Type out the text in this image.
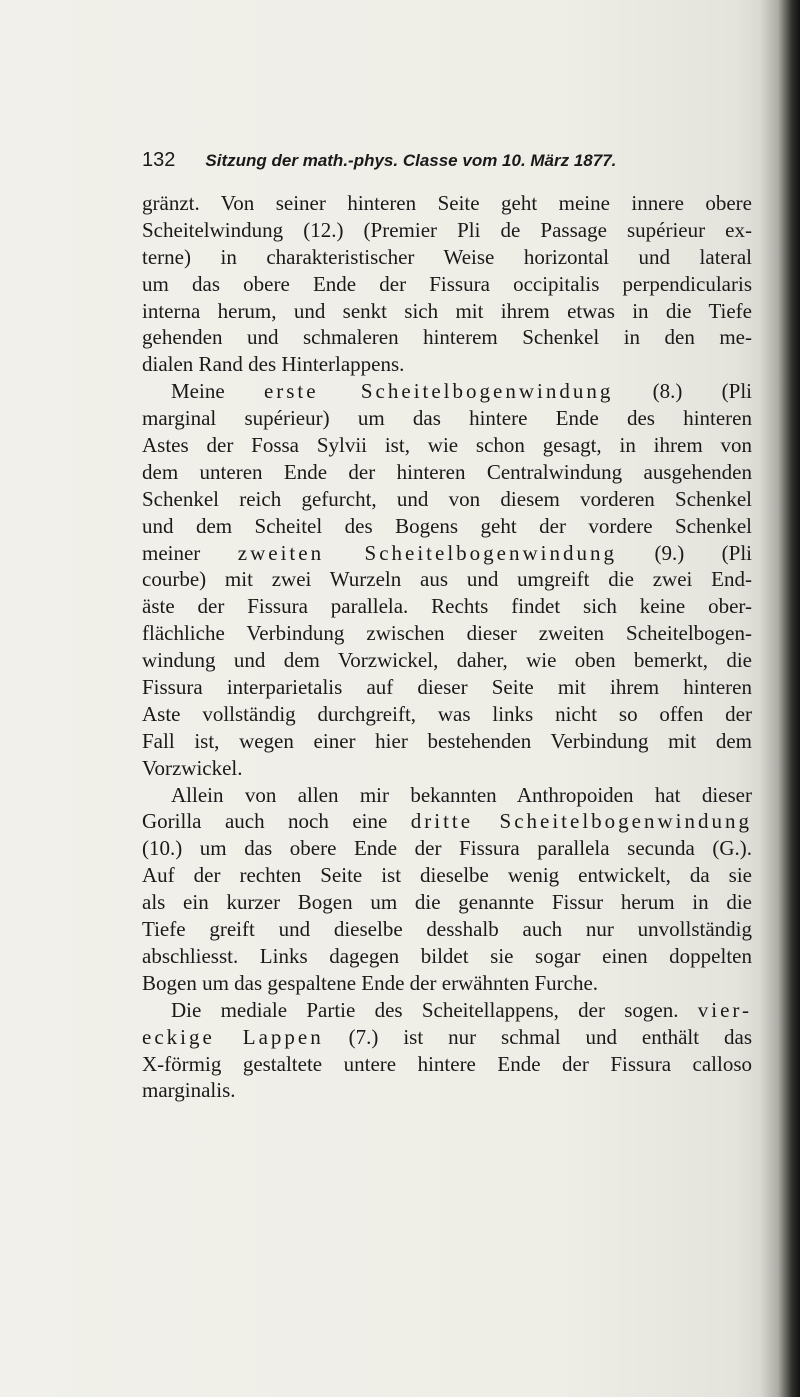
132 Sitzung der math.-phys. Classe vom 10. März 1877.
gränzt. Von seiner hinteren Seite geht meine innere obere
Scheitelwindung (12.) (Premier Pli de Passage supérieur ex-
terne) in charakteristischer Weise horizontal und lateral
um das obere Ende der Fissura occipitalis perpendicularis
interna herum, und senkt sich mit ihrem etwas in die Tiefe
gehenden und schmaleren hinterem Schenkel in den me-
dialen Rand des Hinterlappens.
Meine erste Scheitelbogenwindung (8.) (Pli
marginal supérieur) um das hintere Ende des hinteren
Astes der Fossa Sylvii ist, wie schon gesagt, in ihrem von
dem unteren Ende der hinteren Centralwindung ausgehenden
Schenkel reich gefurcht, und von diesem vorderen Schenkel
und dem Scheitel des Bogens geht der vordere Schenkel
meiner zweiten Scheitelbogenwindung (9.) (Pli
courbe) mit zwei Wurzeln aus und umgreift die zwei End-
äste der Fissura parallela. Rechts findet sich keine ober-
flächliche Verbindung zwischen dieser zweiten Scheitelbogen-
windung und dem Vorzwickel, daher, wie oben bemerkt, die
Fissura interparietalis auf dieser Seite mit ihrem hinteren
Aste vollständig durchgreift, was links nicht so offen der
Fall ist, wegen einer hier bestehenden Verbindung mit dem
Vorzwickel.
Allein von allen mir bekannten Anthropoiden hat dieser
Gorilla auch noch eine dritte Scheitelbogenwindung
(10.) um das obere Ende der Fissura parallela secunda (G.).
Auf der rechten Seite ist dieselbe wenig entwickelt, da sie
als ein kurzer Bogen um die genannte Fissur herum in die
Tiefe greift und dieselbe desshalb auch nur unvollständig
abschliesst. Links dagegen bildet sie sogar einen doppelten
Bogen um das gespaltene Ende der erwähnten Furche.
Die mediale Partie des Scheitellappens, der sogen. vier-
eckige Lappen (7.) ist nur schmal und enthält das
X-förmig gestaltete untere hintere Ende der Fissura calloso
marginalis.
